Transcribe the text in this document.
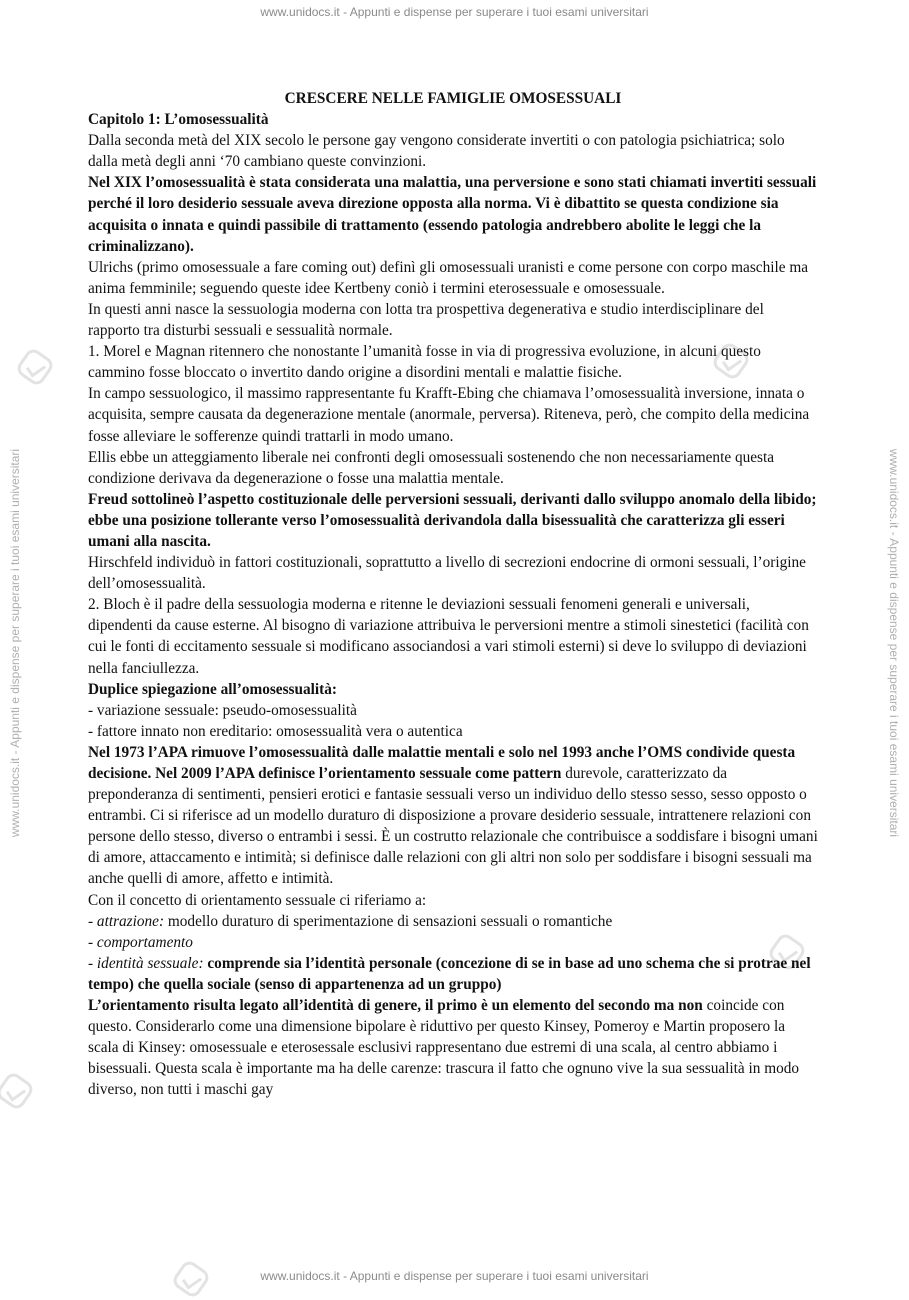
www.unidocs.it - Appunti e dispense per superare i tuoi esami universitari
www.unidocs.it - Appunti e dispense per superare i tuoi esami universitari
www.unidocs.it - Appunti e dispense per superare i tuoi esami universitari	www.unidocs.it - Appunti e dispense per superare i tuoi esami universitari

CRESCERE NELLE FAMIGLIE OMOSESSUALI

Capitolo 1: L’omosessualità

Dalla seconda metà del XIX secolo le persone gay vengono considerate invertiti o con patologia psichiatrica; solo dalla metà degli anni ‘70 cambiano queste convinzioni.

Nel XIX l’omosessualità è stata considerata una malattia, una perversione e sono stati chiamati invertiti sessuali perché il loro desiderio sessuale aveva direzione opposta alla norma. Vi è dibattito se questa condizione sia acquisita o innata e quindi passibile di trattamento (essendo patologia andrebbero abolite le leggi che la criminalizzano).

Ulrichs (primo omosessuale a fare coming out) definì gli omosessuali uranisti e come persone con corpo maschile ma anima femminile; seguendo queste idee Kertbeny coniò i termini eterosessuale e omosessuale.

In questi anni nasce la sessuologia moderna con lotta tra prospettiva degenerativa e studio interdisciplinare del rapporto tra disturbi sessuali e sessualità normale.

1. Morel e Magnan ritennero che nonostante l’umanità fosse in via di progressiva evoluzione, in alcuni questo cammino fosse bloccato o invertito dando origine a disordini mentali e malattie fisiche.

In campo sessuologico, il massimo rappresentante fu Krafft-Ebing che chiamava l’omosessualità inversione, innata o acquisita, sempre causata da degenerazione mentale (anormale, perversa). Riteneva, però, che compito della medicina fosse alleviare le sofferenze quindi trattarli in modo umano.

Ellis ebbe un atteggiamento liberale nei confronti degli omosessuali sostenendo che non necessariamente questa condizione derivava da degenerazione o fosse una malattia mentale.

Freud sottolineò l’aspetto costituzionale delle perversioni sessuali, derivanti dallo sviluppo anomalo della libido; ebbe una posizione tollerante verso l’omosessualità derivandola dalla bisessualità che caratterizza gli esseri umani alla nascita.

Hirschfeld individuò in fattori costituzionali, soprattutto a livello di secrezioni endocrine di ormoni sessuali, l’origine dell’omosessualità.

2. Bloch è il padre della sessuologia moderna e ritenne le deviazioni sessuali fenomeni generali e universali, dipendenti da cause esterne. Al bisogno di variazione attribuiva le perversioni mentre a stimoli sinestetici (facilità con cui le fonti di eccitamento sessuale si modificano associandosi a vari stimoli esterni) si deve lo sviluppo di deviazioni nella fanciullezza.

Duplice spiegazione all’omosessualità:

- variazione sessuale: pseudo-omosessualità

- fattore innato non ereditario: omosessualità vera o autentica

Nel 1973 l’APA rimuove l’omosessualità dalle malattie mentali e solo nel 1993 anche l’OMS condivide questa decisione. Nel 2009 l’APA definisce l’orientamento sessuale come pattern durevole, caratterizzato da preponderanza di sentimenti, pensieri erotici e fantasie sessuali verso un individuo dello stesso sesso, sesso opposto o entrambi. Ci si riferisce ad un modello duraturo di disposizione a provare desiderio sessuale, intrattenere relazioni con persone dello stesso, diverso o entrambi i sessi. È un costrutto relazionale che contribuisce a soddisfare i bisogni umani di amore, attaccamento e intimità; si definisce dalle relazioni con gli altri non solo per soddisfare i bisogni sessuali ma anche quelli di amore, affetto e intimità.

Con il concetto di orientamento sessuale ci riferiamo a:

- attrazione: modello duraturo di sperimentazione di sensazioni sessuali o romantiche

- comportamento

- identità sessuale: comprende sia l’identità personale (concezione di se in base ad uno schema che si protrae nel tempo) che quella sociale (senso di appartenenza ad un gruppo)

L’orientamento risulta legato all’identità di genere, il primo è un elemento del secondo ma non coincide con questo. Considerarlo come una dimensione bipolare è riduttivo per questo Kinsey, Pomeroy e Martin proposero la scala di Kinsey: omosessuale e eterosessale esclusivi rappresentano due estremi di una scala, al centro abbiamo i bisessuali. Questa scala è importante ma ha delle carenze: trascura il fatto che ognuno vive la sua sessualità in modo diverso, non tutti i maschi gay
